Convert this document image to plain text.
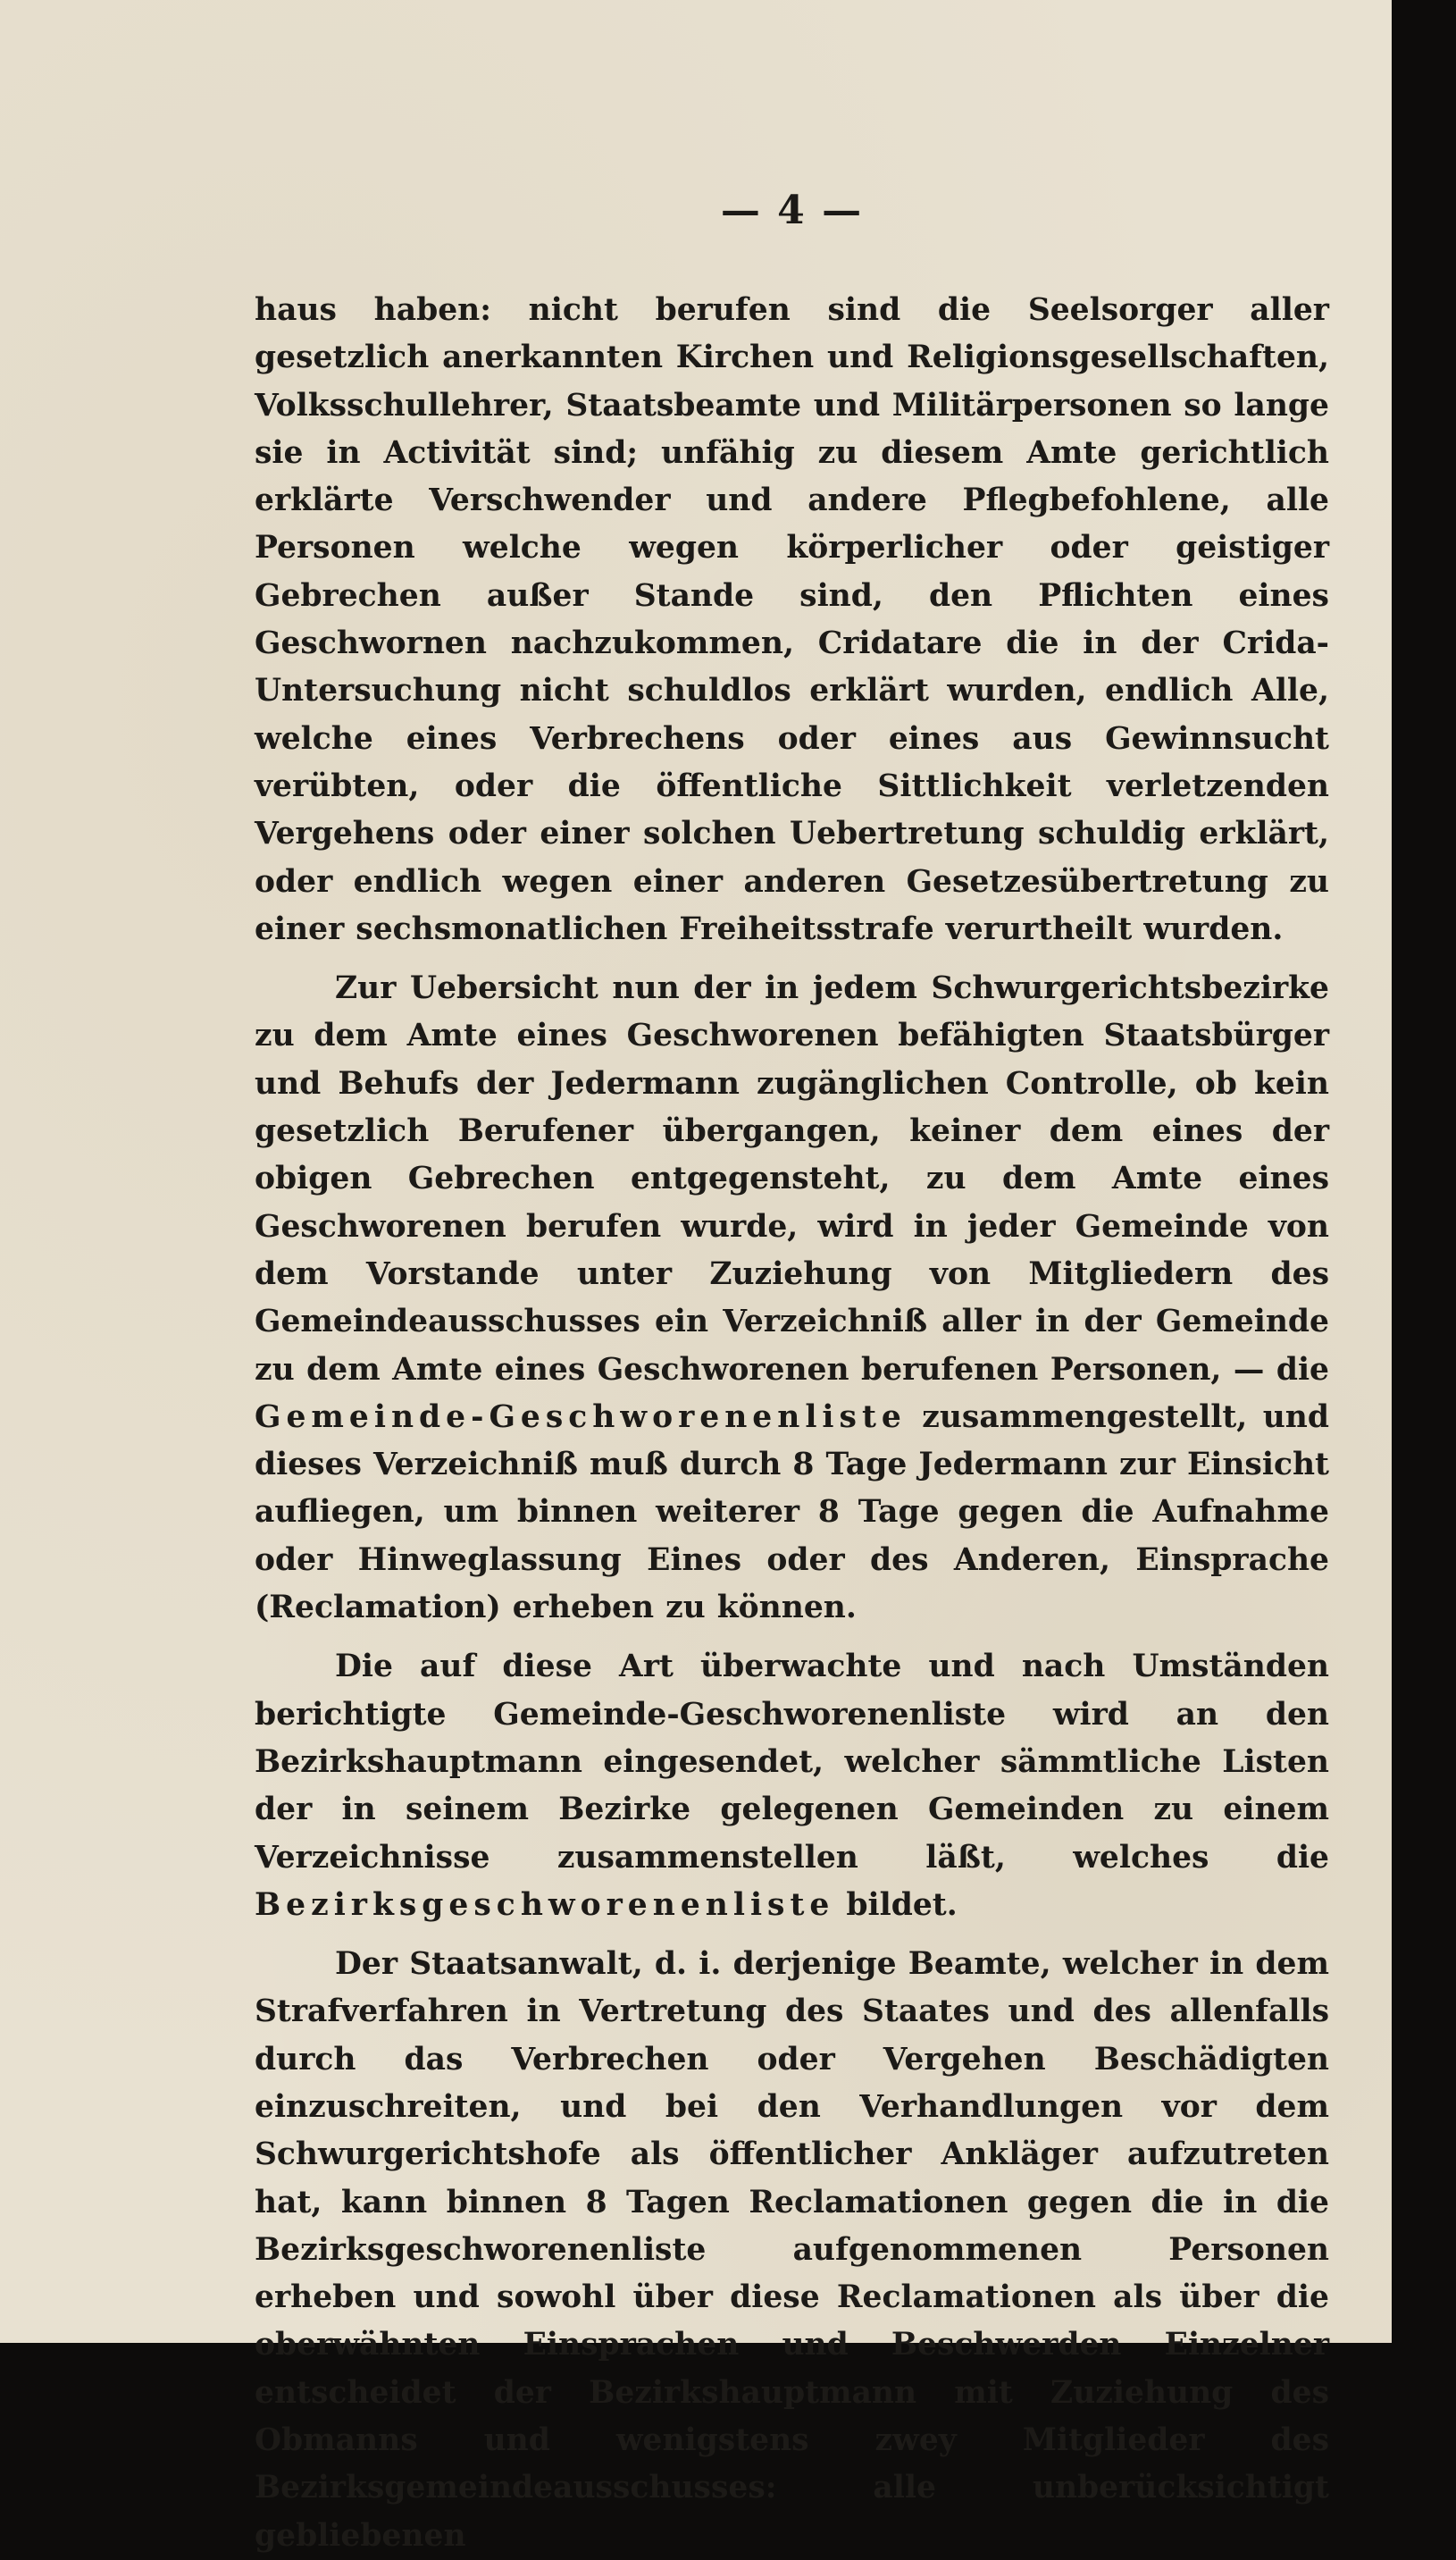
— 4 —

haus haben: nicht berufen sind die Seelsorger aller gesetzlich anerkannten Kirchen und Religionsgesellschaften, Volksschullehrer, Staatsbeamte und Militärpersonen so lange sie in Activität sind; unfähig zu diesem Amte gerichtlich erklärte Verschwender und andere Pflegbefohlene, alle Personen welche wegen körperlicher oder geistiger Gebrechen außer Stande sind, den Pflichten eines Geschwornen nachzukommen, Cridatare die in der Crida-Untersuchung nicht schuldlos erklärt wurden, endlich Alle, welche eines Verbrechens oder eines aus Gewinnsucht verübten, oder die öffentliche Sittlichkeit verletzenden Vergehens oder einer solchen Uebertretung schuldig erklärt, oder endlich wegen einer anderen Gesetzesübertretung zu einer sechsmonatlichen Freiheitsstrafe verurtheilt wurden.

Zur Uebersicht nun der in jedem Schwurgerichtsbezirke zu dem Amte eines Geschworenen befähigten Staatsbürger und Behufs der Jedermann zugänglichen Controlle, ob kein gesetzlich Berufener übergangen, keiner dem eines der obigen Gebrechen entgegensteht, zu dem Amte eines Geschworenen berufen wurde, wird in jeder Gemeinde von dem Vorstande unter Zuziehung von Mitgliedern des Gemeindeausschusses ein Verzeichniß aller in der Gemeinde zu dem Amte eines Geschworenen berufenen Personen, — die Gemeinde-Geschworenenliste zusammengestellt, und dieses Verzeichniß muß durch 8 Tage Jedermann zur Einsicht aufliegen, um binnen weiterer 8 Tage gegen die Aufnahme oder Hinweglassung Eines oder des Anderen, Einsprache (Reclamation) erheben zu können.

Die auf diese Art überwachte und nach Umständen berichtigte Gemeinde-Geschworenenliste wird an den Bezirkshauptmann eingesendet, welcher sämmtliche Listen der in seinem Bezirke gelegenen Gemeinden zu einem Verzeichnisse zusammenstellen läßt, welches die Bezirksgeschworenenliste bildet.

Der Staatsanwalt, d. i. derjenige Beamte, welcher in dem Strafverfahren in Vertretung des Staates und des allenfalls durch das Verbrechen oder Vergehen Beschädigten einzuschreiten, und bei den Verhandlungen vor dem Schwurgerichtshofe als öffentlicher Ankläger aufzutreten hat, kann binnen 8 Tagen Reclamationen gegen die in die Bezirksgeschworenenliste aufgenommenen Personen erheben und sowohl über diese Reclamationen als über die oberwähnten Einsprachen und Beschwerden Einzelner entscheidet der Bezirkshauptmann mit Zuziehung des Obmanns und wenigstens zwey Mitglieder des Bezirksgemeindeausschusses: alle unberücksichtigt gebliebenen
